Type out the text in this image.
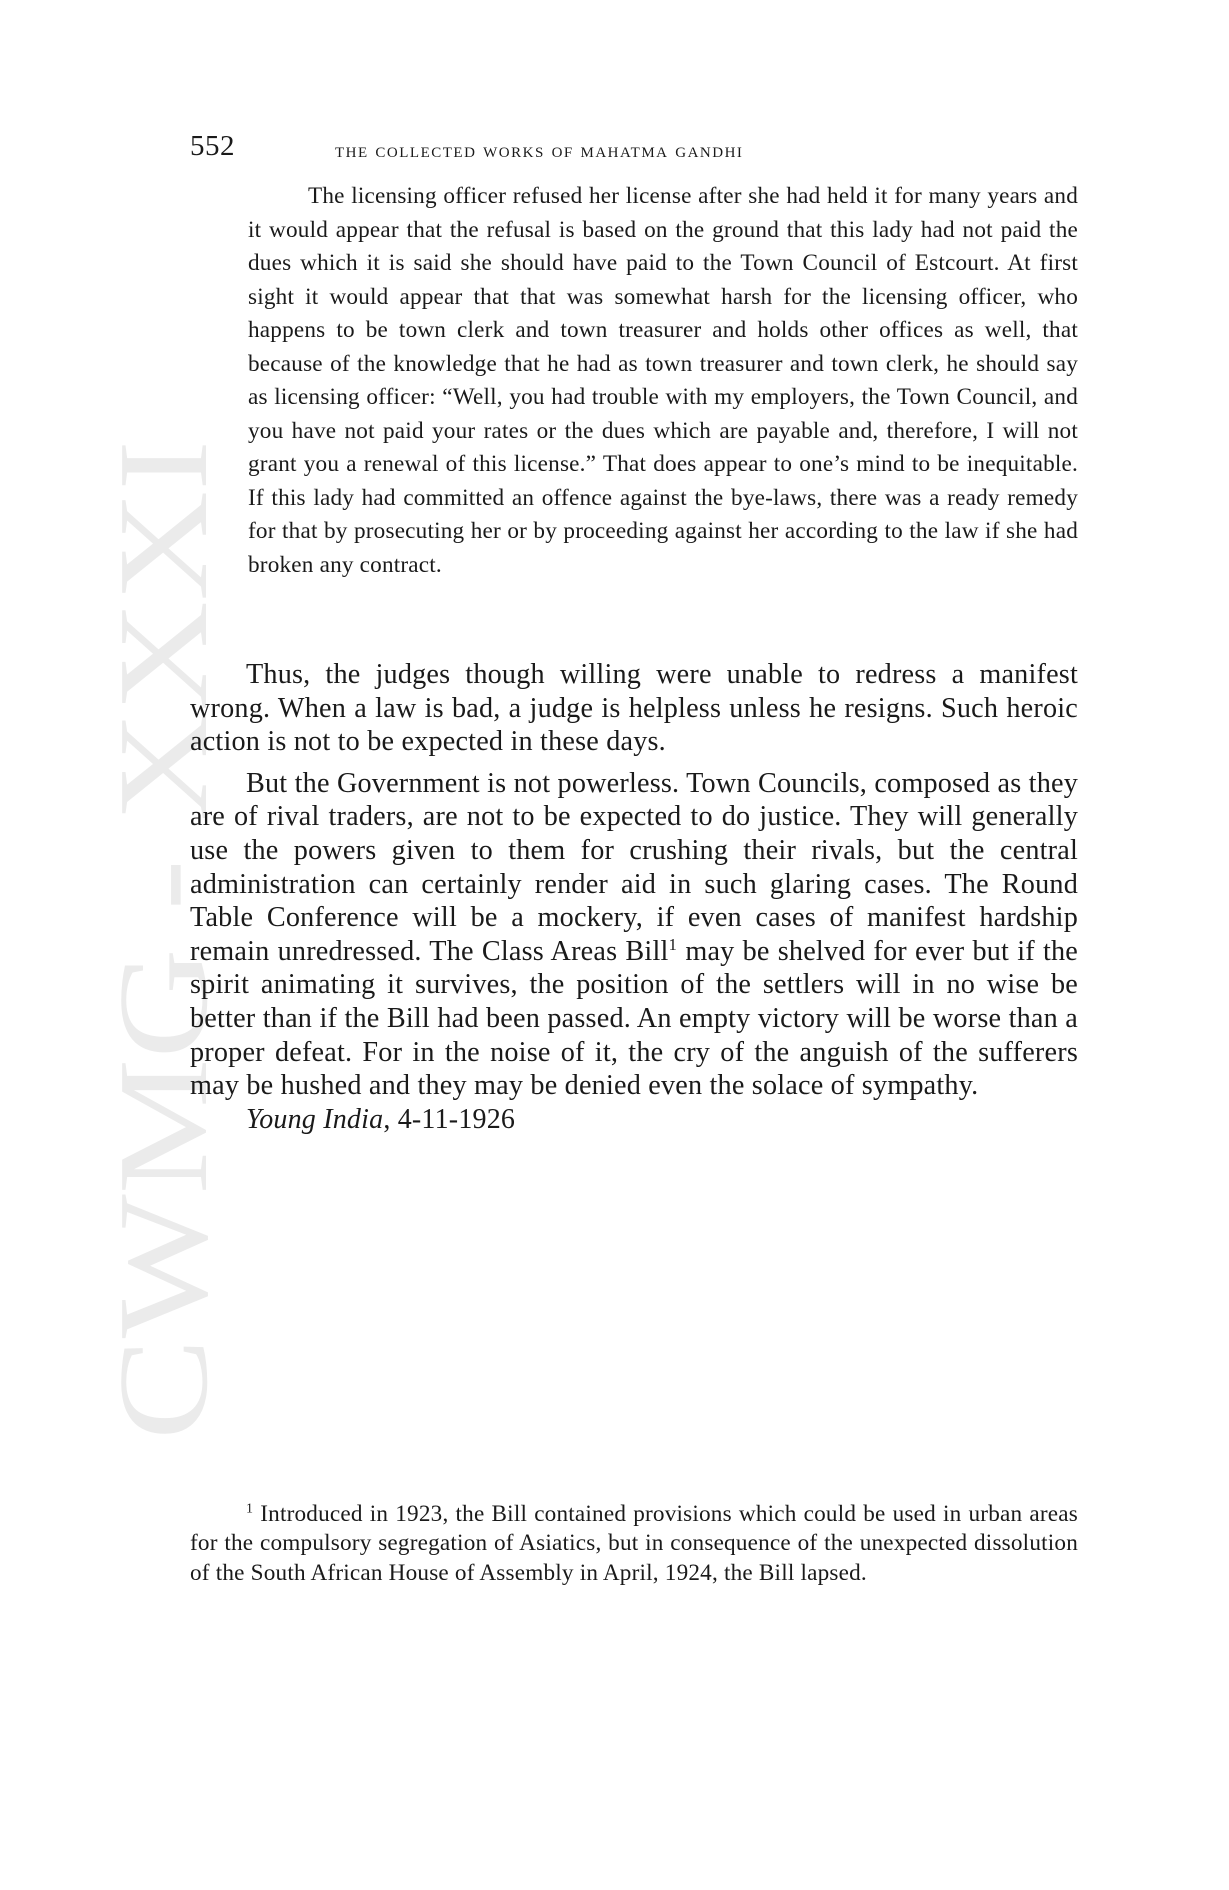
CWMG - XXXI
552	the collected works of mahatma gandhi
The licensing officer refused her license after she had held it for many years and it would appear that the refusal is based on the ground that this lady had not paid the dues which it is said she should have paid to the Town Council of Estcourt. At first sight it would appear that that was somewhat harsh for the licensing officer, who happens to be town clerk and town treasurer and holds other offices as well, that because of the knowledge that he had as town treasurer and town clerk, he should say as licensing officer: “Well, you had trouble with my employers, the Town Council, and you have not paid your rates or the dues which are payable and, therefore, I will not grant you a renewal of this license.” That does appear to one’s mind to be inequitable. If this lady had committed an offence against the bye-laws, there was a ready remedy for that by prosecuting her or by proceeding against her according to the law if she had broken any contract.

Thus, the judges though willing were unable to redress a manifest wrong. When a law is bad, a judge is helpless unless he resigns. Such heroic action is not to be expected in these days.

But the Government is not powerless. Town Councils, composed as they are of rival traders, are not to be expected to do justice. They will generally use the powers given to them for crushing their rivals, but the central administration can certainly render aid in such glaring cases. The Round Table Conference will be a mockery, if even cases of manifest hardship remain unredressed. The Class Areas Bill$^1$ may be shelved for ever but if the spirit animating it survives, the position of the settlers will in no wise be better than if the Bill had been passed. An empty victory will be worse than a proper defeat. For in the noise of it, the cry of the anguish of the sufferers may be hushed and they may be denied even the solace of sympathy.

Young India, 4-11-1926

$^1$ Introduced in 1923, the Bill contained provisions which could be used in urban areas for the compulsory segregation of Asiatics, but in consequence of the unexpected dissolution of the South African House of Assembly in April, 1924, the Bill lapsed.
